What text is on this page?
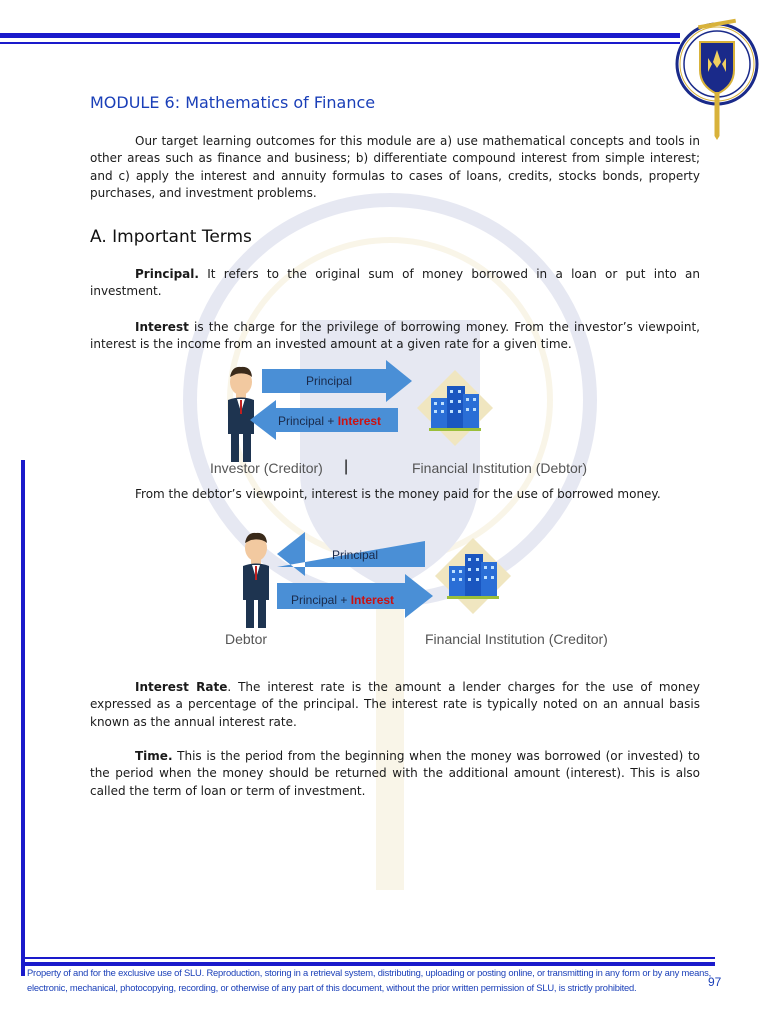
MODULE 6: Mathematics of Finance
Our target learning outcomes for this module are a) use mathematical concepts and tools in other areas such as finance and business; b) differentiate compound interest from simple interest; and c) apply the interest and annuity formulas to cases of loans, credits, stocks bonds, property purchases, and investment problems.
A. Important Terms
Principal. It refers to the original sum of money borrowed in a loan or put into an investment.
Interest is the charge for the privilege of borrowing money. From the investor’s viewpoint, interest is the income from an invested amount at a given rate for a given time.
Principal
Principal + Interest
Investor (Creditor) |	Financial Institution (Debtor)
From the debtor’s viewpoint, interest is the money paid for the use of borrowed money.
Principal
Principal + Interest
Debtor	Financial Institution (Creditor)
Interest Rate. The interest rate is the amount a lender charges for the use of money expressed as a percentage of the principal. The interest rate is typically noted on an annual basis known as the annual interest rate.
Time. This is the period from the beginning when the money was borrowed (or invested) to the period when the money should be returned with the additional amount (interest). This is also called the term of loan or term of investment.
Property of and for the exclusive use of SLU. Reproduction, storing in a retrieval system, distributing, uploading or posting online, or transmitting in any form or by any means, electronic, mechanical, photocopying, recording, or otherwise of any part of this document, without the prior written permission of SLU, is strictly prohibited.	97
